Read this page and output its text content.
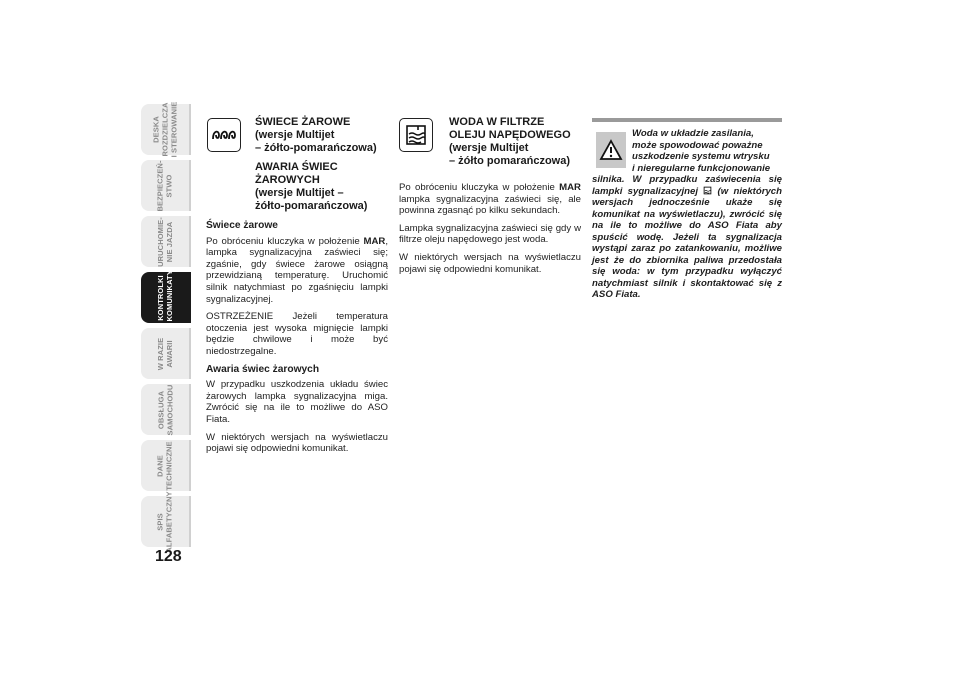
DESKA
ROZDZIELCZA
I STEROWANIE
BEZPIECZEŃ-
STWO
URUCHOMIE-
NIE JAZDA
KONTROLKI
I KOMUNIKATY
W RAZIE
AWARII
OBSŁUGA
SAMOCHODU
DANE
TECHNICZNE
SPIS
ALFABETYCZNY
128
ŚWIECE ŻAROWE
(wersje Multijet
– żółto-pomarańczowa)
AWARIA ŚWIEC
ŻAROWYCH
(wersje Multijet –
żółto-pomarańczowa)

Świece żarowe

Po obróceniu kluczyka w położenie MAR, lampka sygnalizacyjna zaświeci się; zgaśnie, gdy świece żarowe osiągną przewidzianą temperaturę. Uruchomić silnik natychmiast po zgaśnięciu lampki sygnalizacyjnej.

OSTRZEŻENIE Jeżeli temperatura otoczenia jest wysoka mignięcie lampki będzie chwilowe i może być niedostrzegalne.

Awaria świec żarowych

W przypadku uszkodzenia układu świec żarowych lampka sygnalizacyjna miga. Zwrócić się na ile to możliwe do ASO Fiata.

W niektórych wersjach na wyświetlaczu pojawi się odpowiedni komunikat.

WODA W FILTRZE
OLEJU NAPĘDOWEGO
(wersje Multijet
– żółto pomarańczowa)

Po obróceniu kluczyka w położenie MAR lampka sygnalizacyjna zaświeci się, ale powinna zgasnąć po kilku sekundach.

Lampka sygnalizacyjna zaświeci się gdy w filtrze oleju napędowego jest woda.

W niektórych wersjach na wyświetlaczu pojawi się odpowiedni komunikat.

Woda w układzie zasilania,
może spowodować poważne
uszkodzenie systemu wtrysku
i nieregularne funkcjonowanie
silnika. W przypadku zaświecenia się lampki sygnalizacyjnej  (w niektórych wersjach jednocześnie ukaże się komunikat na wyświetlaczu), zwrócić się na ile to możliwe do ASO Fiata aby spuścić wodę. Jeżeli ta sygnalizacja wystąpi zaraz po zatankowaniu, możliwe jest że do zbiornika paliwa przedostała się woda: w tym przypadku wyłączyć natychmiast silnik i skontaktować się z ASO Fiata.
